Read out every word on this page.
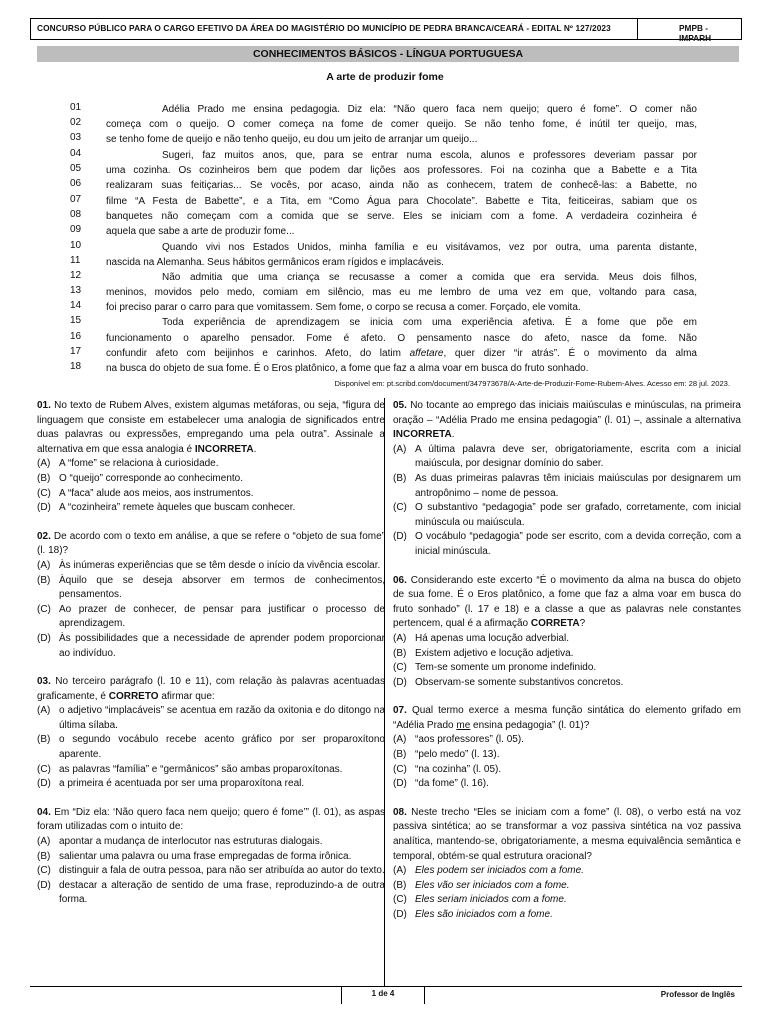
CONCURSO PÚBLICO PARA O CARGO EFETIVO DA ÁREA DO MAGISTÉRIO DO MUNICÍPIO DE PEDRA BRANCA/CEARÁ - EDITAL Nº 127/2023	PMPB - IMPARH
CONHECIMENTOS BÁSICOS - LÍNGUA PORTUGUESA
A arte de produzir fome
01	Adélia Prado me ensina pedagogia. Diz ela: “Não quero faca nem queijo; quero é fome”. O comer não
02 começa com o queijo. O comer começa na fome de comer queijo. Se não tenho fome, é inútil ter queijo, mas,
03 se tenho fome de queijo e não tenho queijo, eu dou um jeito de arranjar um queijo...
04	Sugeri, faz muitos anos, que, para se entrar numa escola, alunos e professores deveriam passar por
05 uma cozinha. Os cozinheiros bem que podem dar lições aos professores. Foi na cozinha que a Babette e a Tita
06 realizaram suas feitiçarias... Se vocês, por acaso, ainda não as conhecem, tratem de conhecê-las: a Babette, no
07 filme “A Festa de Babette”, e a Tita, em “Como Água para Chocolate”. Babette e Tita, feiticeiras, sabiam que os
08 banquetes não começam com a comida que se serve. Eles se iniciam com a fome. A verdadeira cozinheira é
09 aquela que sabe a arte de produzir fome...
10	Quando vivi nos Estados Unidos, minha família e eu visitávamos, vez por outra, uma parenta distante,
11	nascida na Alemanha. Seus hábitos germânicos eram rígidos e implacáveis.
12	Não admitia que uma criança se recusasse a comer a comida que era servida. Meus dois filhos,
13 meninos, movidos pelo medo, comiam em silêncio, mas eu me lembro de uma vez em que, voltando para casa,
14 foi preciso parar o carro para que vomitassem. Sem fome, o corpo se recusa a comer. Forçado, ele vomita.
15	Toda experiência de aprendizagem se inicia com uma experiência afetiva. É a fome que põe em
16 funcionamento o aparelho pensador. Fome é afeto. O pensamento nasce do afeto, nasce da fome. Não
17 confundir afeto com beijinhos e carinhos. Afeto, do latim affetare, quer dizer “ir atrás”. É o movimento da alma
18 na busca do objeto de sua fome. É o Eros platônico, a fome que faz a alma voar em busca do fruto sonhado.
Disponível em: pt.scribd.com/document/347973678/A-Arte-de-Produzir-Fome-Rubem-Alves. Acesso em: 28 jul. 2023.
01. No texto de Rubem Alves, existem algumas metáforas, ou seja, “figura de linguagem que consiste em estabelecer uma analogia de significados entre duas palavras ou expressões, empregando uma pela outra”. Assinale a alternativa em que essa analogia é INCORRETA.
(A) A “fome” se relaciona à curiosidade.
(B) O “queijo” corresponde ao conhecimento.
(C) A “faca” alude aos meios, aos instrumentos.
(D) A “cozinheira” remete àqueles que buscam conhecer.
02. De acordo com o texto em análise, a que se refere o “objeto de sua fome” (l. 18)?
(A) Às inúmeras experiências que se têm desde o início da vivência escolar.
(B) Àquilo que se deseja absorver em termos de conhecimentos, pensamentos.
(C) Ao prazer de conhecer, de pensar para justificar o processo de aprendizagem.
(D) Às possibilidades que a necessidade de aprender podem proporcionar ao indivíduo.
03. No terceiro parágrafo (l. 10 e 11), com relação às palavras acentuadas graficamente, é CORRETO afirmar que:
(A) o adjetivo “implacáveis” se acentua em razão da oxitonia e do ditongo na última sílaba.
(B) o segundo vocábulo recebe acento gráfico por ser proparoxítono aparente.
(C) as palavras “família” e “germânicos” são ambas proparoxítonas.
(D) a primeira é acentuada por ser uma proparoxítona real.
04. Em “Diz ela: ‘Não quero faca nem queijo; quero é fome’” (l. 01), as aspas foram utilizadas com o intuito de:
(A) apontar a mudança de interlocutor nas estruturas dialogais.
(B) salientar uma palavra ou uma frase empregadas de forma irônica.
(C) distinguir a fala de outra pessoa, para não ser atribuída ao autor do texto.
(D) destacar a alteração de sentido de uma frase, reproduzindo-a de outra forma.
05. No tocante ao emprego das iniciais maiúsculas e minúsculas, na primeira oração – “Adélia Prado me ensina pedagogia” (l. 01) –, assinale a alternativa INCORRETA.
(A) A última palavra deve ser, obrigatoriamente, escrita com a inicial maiúscula, por designar domínio do saber.
(B) As duas primeiras palavras têm iniciais maiúsculas por designarem um antropônimo – nome de pessoa.
(C) O substantivo “pedagogia” pode ser grafado, corretamente, com inicial minúscula ou maiúscula.
(D) O vocábulo “pedagogia” pode ser escrito, com a devida correção, com a inicial minúscula.
06. Considerando este excerto “É o movimento da alma na busca do objeto de sua fome. É o Eros platônico, a fome que faz a alma voar em busca do fruto sonhado” (l. 17 e 18) e a classe a que as palavras nele constantes pertencem, qual é a afirmação CORRETA?
(A) Há apenas uma locução adverbial.
(B) Existem adjetivo e locução adjetiva.
(C) Tem-se somente um pronome indefinido.
(D) Observam-se somente substantivos concretos.
07. Qual termo exerce a mesma função sintática do elemento grifado em “Adélia Prado me ensina pedagogia” (l. 01)?
(A) “aos professores” (l. 05).
(B) “pelo medo” (l. 13).
(C) “na cozinha” (l. 05).
(D) “da fome” (l. 16).
08. Neste trecho “Eles se iniciam com a fome” (l. 08), o verbo está na voz passiva sintética; ao se transformar a voz passiva sintética na voz passiva analítica, mantendo-se, obrigatoriamente, a mesma equivalência semântica e temporal, obtém-se qual estrutura oracional?
(A) Eles podem ser iniciados com a fome.
(B) Eles vão ser iniciados com a fome.
(C) Eles seriam iniciados com a fome.
(D) Eles são iniciados com a fome.
1 de 4	Professor de Inglês
